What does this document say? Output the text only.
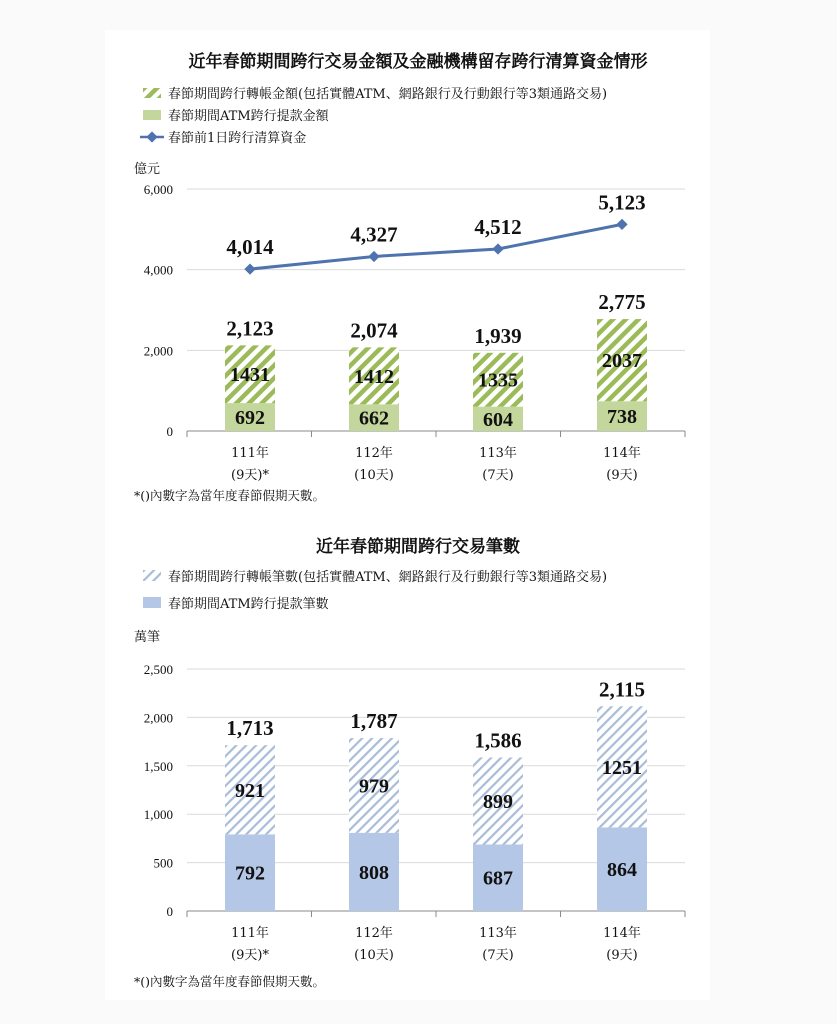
近年春節期間跨行交易金額及金融機構留存跨行清算資金情形
春節期間跨行轉帳金額(包括實體ATM、網路銀行及行動銀行等3類通路交易)
春節期間ATM跨行提款金額
春節前1日跨行清算資金
億元
0
2,000
4,000
6,000
692
1431
2,123
111年
(9天)*
662
1412
2,074
112年
(10天)
604
1335
1,939
113年
(7天)
738
2037
2,775
114年
(9天)
4,014
4,327	4,512
5,123
*()內數字為當年度春節假期天數。
近年春節期間跨行交易筆數
春節期間跨行轉帳筆數(包括實體ATM、網路銀行及行動銀行等3類通路交易)
春節期間ATM跨行提款筆數
萬筆
0
500
1,000
1,500
2,000
2,500
792
921
1,713
111年
(9天)*
808
979
1,787
112年
(10天)
687
899
1,586
113年
(7天)
864
1251
2,115
114年
(9天)
*()內數字為當年度春節假期天數。
